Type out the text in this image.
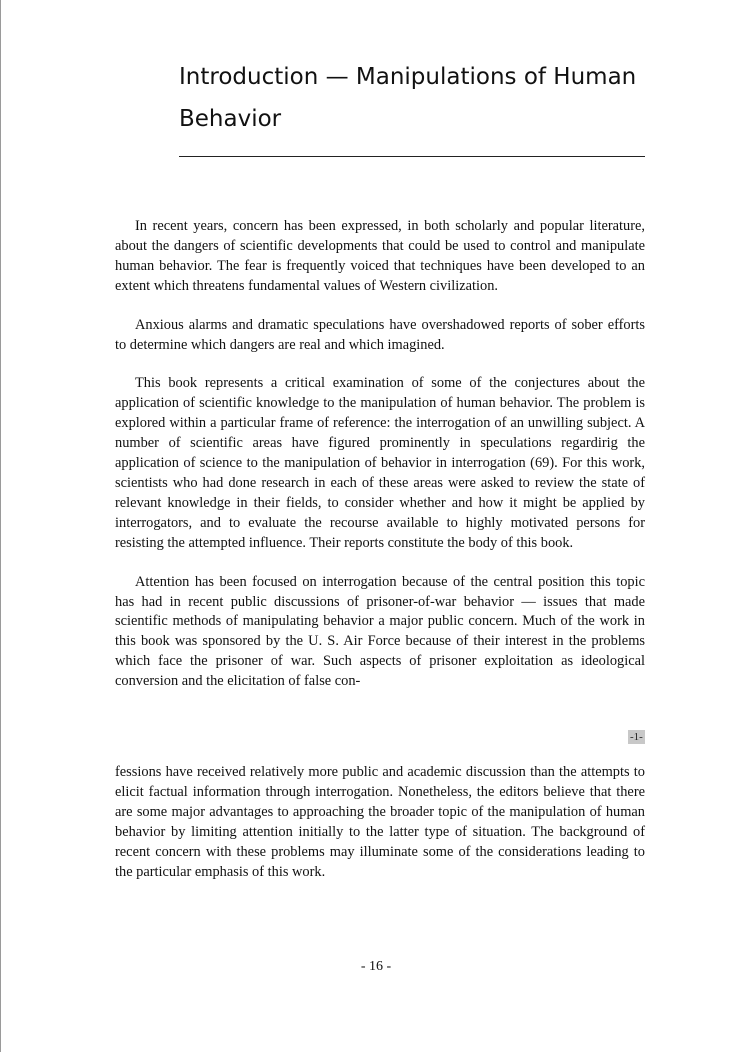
Introduction — Manipulations of Human
Behavior

In recent years, concern has been expressed, in both scholarly and popular literature, about the dangers of scientific developments that could be used to control and manipulate human behavior. The fear is frequently voiced that techniques have been developed to an extent which threatens fundamental values of Western civilization.

Anxious alarms and dramatic speculations have overshadowed reports of sober efforts to determine which dangers are real and which imagined.

This book represents a critical examination of some of the conjectures about the application of scientific knowledge to the manipulation of human behavior. The problem is explored within a particular frame of reference: the interrogation of an unwilling subject. A number of scientific areas have figured prominently in speculations regardirig the application of science to the manipulation of behavior in interrogation (69). For this work, scientists who had done research in each of these areas were asked to review the state of relevant knowledge in their fields, to consider whether and how it might be applied by interrogators, and to evaluate the recourse available to highly motivated persons for resisting the attempted influence. Their reports constitute the body of this book.

Attention has been focused on interrogation because of the central position this topic has had in recent public discussions of prisoner-of-war behavior — issues that made scientific methods of manipulating behavior a major public concern. Much of the work in this book was sponsored by the U. S. Air Force because of their interest in the problems which face the prisoner of war. Such aspects of prisoner exploitation as ideological conversion and the elicitation of false con-

-1-

fessions have received relatively more public and academic discussion than the attempts to elicit factual information through interrogation. Nonetheless, the editors believe that there are some major advantages to approaching the broader topic of the manipulation of human behavior by limiting attention initially to the latter type of situation. The background of recent concern with these problems may illuminate some of the considerations leading to the particular emphasis of this work.

- 16 -
